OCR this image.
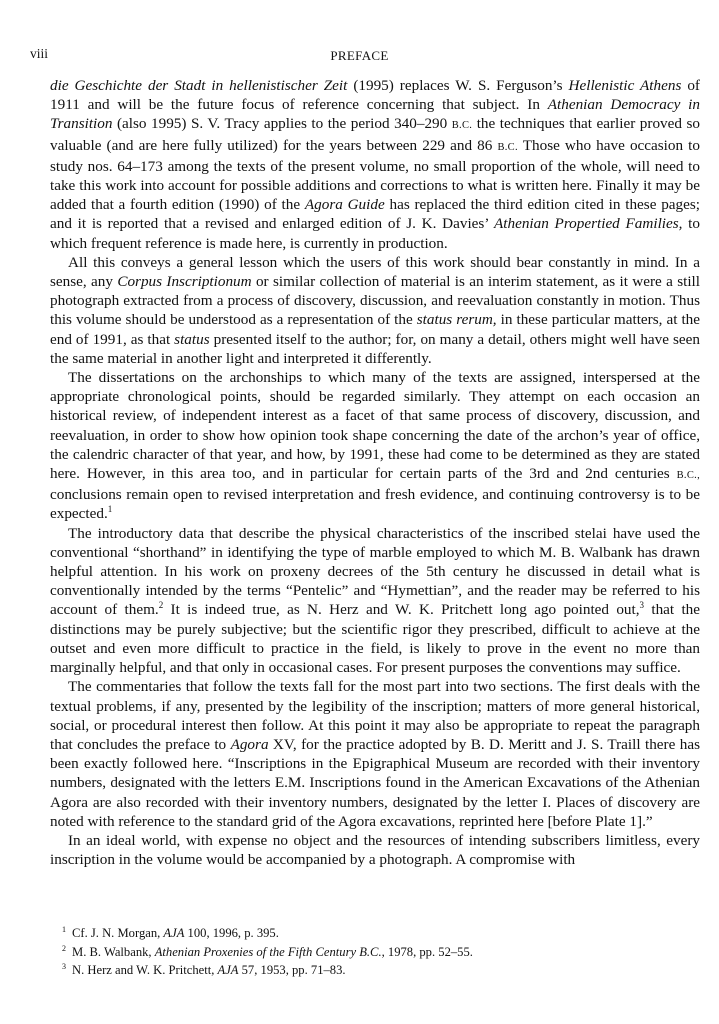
viii	PREFACE

die Geschichte der Stadt in hellenistischer Zeit (1995) replaces W. S. Ferguson’s Hellenistic Athens of 1911 and will be the future focus of reference concerning that subject. In Athenian Democracy in Transition (also 1995) S. V. Tracy applies to the period 340–290 B.C. the techniques that earlier proved so valuable (and are here fully utilized) for the years between 229 and 86 B.C. Those who have occasion to study nos. 64–173 among the texts of the present volume, no small proportion of the whole, will need to take this work into account for possible additions and corrections to what is written here. Finally it may be added that a fourth edition (1990) of the Agora Guide has replaced the third edition cited in these pages; and it is reported that a revised and enlarged edition of J. K. Davies’ Athenian Propertied Families, to which frequent reference is made here, is currently in production.

All this conveys a general lesson which the users of this work should bear constantly in mind. In a sense, any Corpus Inscriptionum or similar collection of material is an interim statement, as it were a still photograph extracted from a process of discovery, discussion, and reevaluation constantly in motion. Thus this volume should be understood as a representation of the status rerum, in these particular matters, at the end of 1991, as that status presented itself to the author; for, on many a detail, others might well have seen the same material in another light and interpreted it differently.

The dissertations on the archonships to which many of the texts are assigned, interspersed at the appropriate chronological points, should be regarded similarly. They attempt on each occasion an historical review, of independent interest as a facet of that same process of discovery, discussion, and reevaluation, in order to show how opinion took shape concerning the date of the archon’s year of office, the calendric character of that year, and how, by 1991, these had come to be determined as they are stated here. However, in this area too, and in particular for certain parts of the 3rd and 2nd centuries B.C., conclusions remain open to revised interpretation and fresh evidence, and continuing controversy is to be expected.$^1$

The introductory data that describe the physical characteristics of the inscribed stelai have used the conventional “shorthand” in identifying the type of marble employed to which M. B. Walbank has drawn helpful attention. In his work on proxeny decrees of the 5th century he discussed in detail what is conventionally intended by the terms “Pentelic” and “Hymettian”, and the reader may be referred to his account of them.$^2$ It is indeed true, as N. Herz and W. K. Pritchett long ago pointed out,$^3$ that the distinctions may be purely subjective; but the scientific rigor they prescribed, difficult to achieve at the outset and even more difficult to practice in the field, is likely to prove in the event no more than marginally helpful, and that only in occasional cases. For present purposes the conventions may suffice.

The commentaries that follow the texts fall for the most part into two sections. The first deals with the textual problems, if any, presented by the legibility of the inscription; matters of more general historical, social, or procedural interest then follow. At this point it may also be appropriate to repeat the paragraph that concludes the preface to Agora XV, for the practice adopted by B. D. Meritt and J. S. Traill there has been exactly followed here. “Inscriptions in the Epigraphical Museum are recorded with their inventory numbers, designated with the letters E.M. Inscriptions found in the American Excavations of the Athenian Agora are also recorded with their inventory numbers, designated by the letter I. Places of discovery are noted with reference to the standard grid of the Agora excavations, reprinted here [before Plate 1].”

In an ideal world, with expense no object and the resources of intending subscribers limitless, every inscription in the volume would be accompanied by a photograph. A compromise with

$^1$ Cf. J. N. Morgan, AJA 100, 1996, p. 395.

$^2$ M. B. Walbank, Athenian Proxenies of the Fifth Century B.C., 1978, pp. 52–55.

$^3$ N. Herz and W. K. Pritchett, AJA 57, 1953, pp. 71–83.
